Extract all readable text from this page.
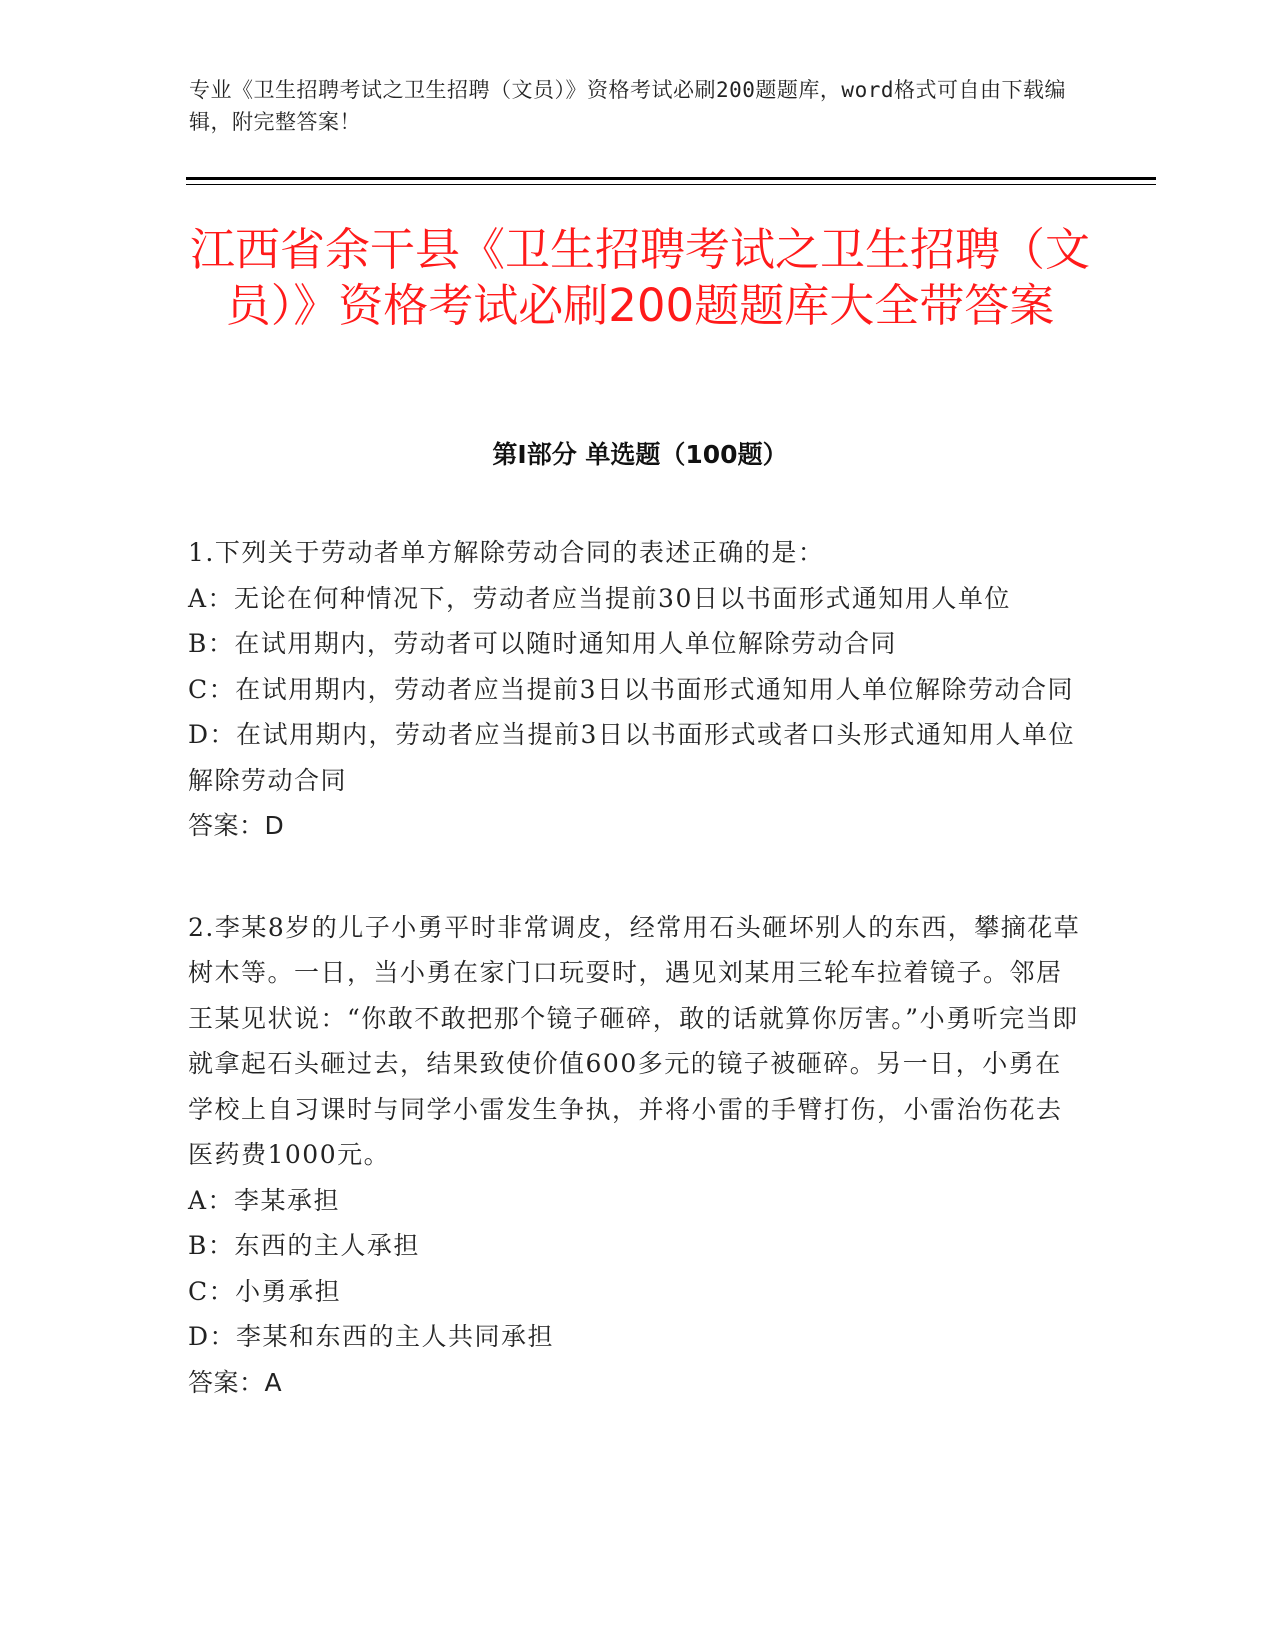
专业《卫生招聘考试之卫生招聘（文员）》资格考试必刷200题题库，word格式可自由下载编辑，附完整答案！
江西省余干县《卫生招聘考试之卫生招聘（文员）》资格考试必刷200题题库大全带答案
第Ⅰ部分 单选题（100题）

1.下列关于劳动者单方解除劳动合同的表述正确的是：

A：无论在何种情况下，劳动者应当提前30日以书面形式通知用人单位

B：在试用期内，劳动者可以随时通知用人单位解除劳动合同

C：在试用期内，劳动者应当提前3日以书面形式通知用人单位解除劳动合同

D：在试用期内，劳动者应当提前3日以书面形式或者口头形式通知用人单位解除劳动合同

答案：D

2.李某8岁的儿子小勇平时非常调皮，经常用石头砸坏别人的东西，攀摘花草树木等。一日，当小勇在家门口玩耍时，遇见刘某用三轮车拉着镜子。邻居王某见状说：“你敢不敢把那个镜子砸碎，敢的话就算你厉害。”小勇听完当即就拿起石头砸过去，结果致使价值600多元的镜子被砸碎。另一日，小勇在学校上自习课时与同学小雷发生争执，并将小雷的手臂打伤，小雷治伤花去医药费1000元。

A：李某承担

B：东西的主人承担

C：小勇承担

D：李某和东西的主人共同承担

答案：A
